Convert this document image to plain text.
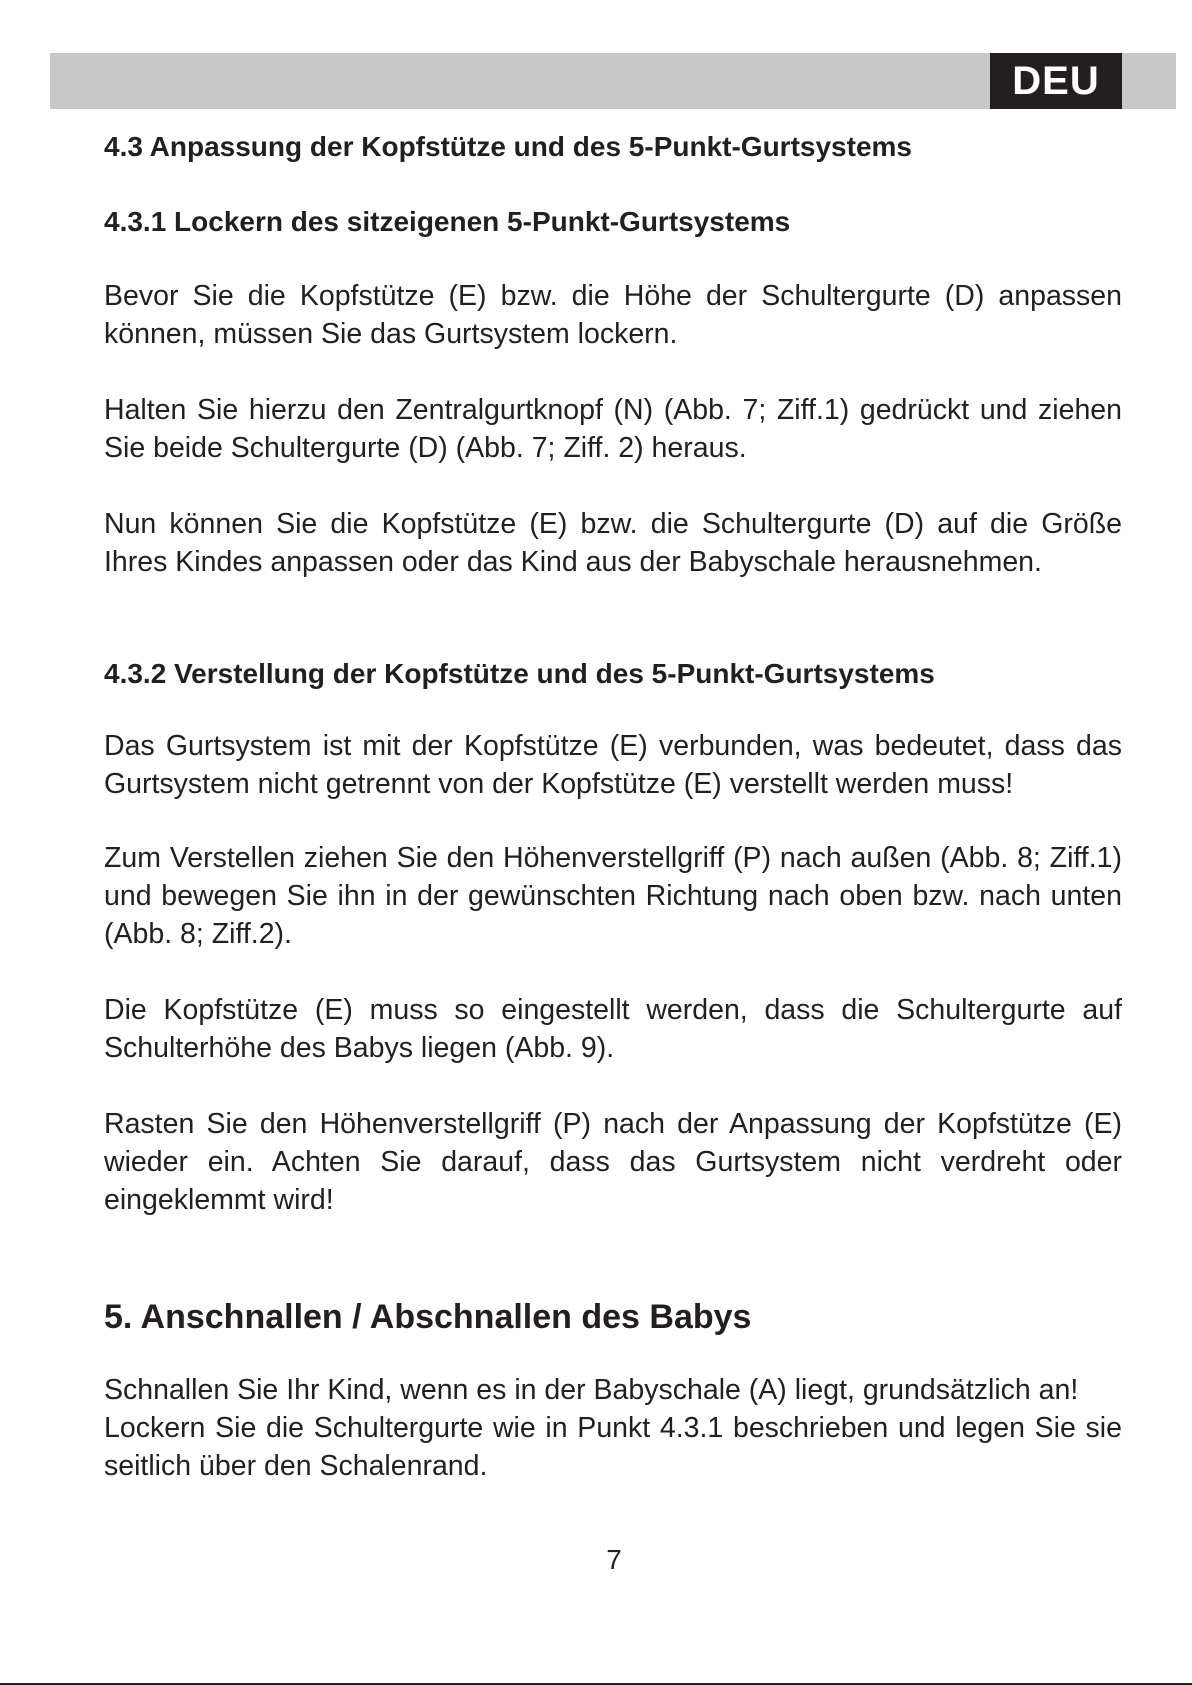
DEU
4.3 Anpassung der Kopfstütze und des 5-Punkt-Gurtsystems
4.3.1 Lockern des sitzeigenen 5-Punkt-Gurtsystems

Bevor Sie die Kopfstütze (E) bzw. die Höhe der Schultergurte (D) anpassen können, müssen Sie das Gurtsystem lockern.

Halten Sie hierzu den Zentralgurtknopf (N) (Abb. 7; Ziff.1) gedrückt und ziehen Sie beide Schultergurte (D) (Abb. 7; Ziff. 2) heraus.

Nun können Sie die Kopfstütze (E) bzw. die Schultergurte (D) auf die Größe Ihres Kindes anpassen oder das Kind aus der Babyschale herausnehmen.

4.3.2 Verstellung der Kopfstütze und des 5-Punkt-Gurtsystems

Das Gurtsystem ist mit der Kopfstütze (E) verbunden, was bedeutet, dass das Gurtsystem nicht getrennt von der Kopfstütze (E) verstellt werden muss!

Zum Verstellen ziehen Sie den Höhenverstellgriff (P) nach außen (Abb. 8; Ziff.1) und bewegen Sie ihn in der gewünschten Richtung nach oben bzw. nach unten (Abb. 8; Ziff.2).

Die Kopfstütze (E) muss so eingestellt werden, dass die Schultergurte auf Schulterhöhe des Babys liegen (Abb. 9).

Rasten Sie den Höhenverstellgriff (P) nach der Anpassung der Kopfstütze (E) wieder ein. Achten Sie darauf, dass das Gurtsystem nicht verdreht oder eingeklemmt wird!

5. Anschnallen / Abschnallen des Babys

Schnallen Sie Ihr Kind, wenn es in der Babyschale (A) liegt, grundsätzlich an!

Lockern Sie die Schultergurte wie in Punkt 4.3.1 beschrieben und legen Sie sie seitlich über den Schalenrand.

7
